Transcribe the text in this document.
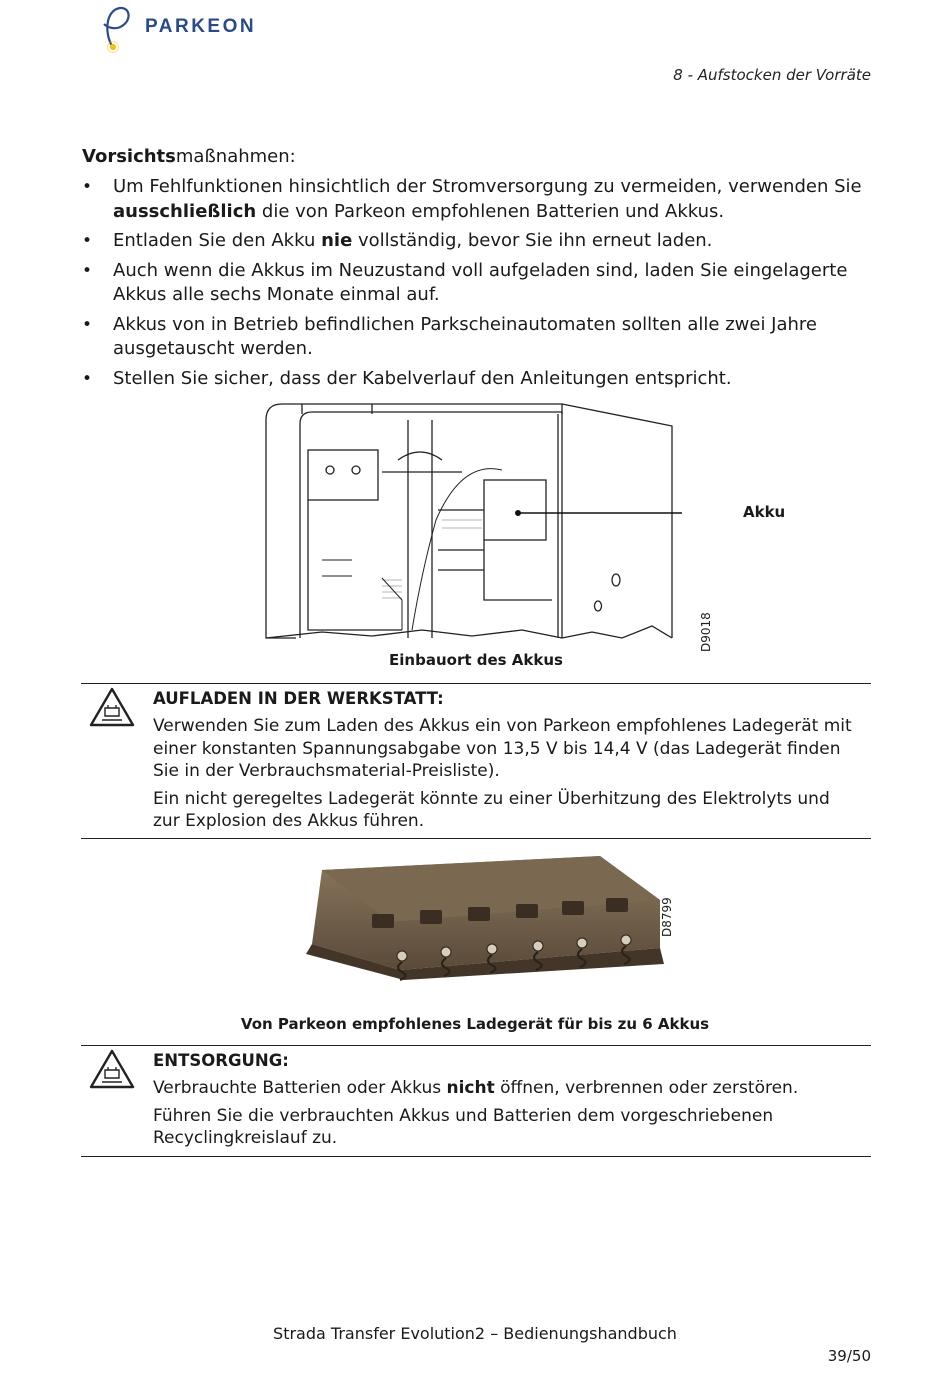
PARKEON
8 - Aufstocken der Vorräte
Vorsichtsmaßnahmen:
• Um Fehlfunktionen hinsichtlich der Stromversorgung zu vermeiden, verwenden Sie ausschließlich die von Parkeon empfohlenen Batterien und Akkus.
• Entladen Sie den Akku nie vollständig, bevor Sie ihn erneut laden.
• Auch wenn die Akkus im Neuzustand voll aufgeladen sind, laden Sie eingelagerte Akkus alle sechs Monate einmal auf.
• Akkus von in Betrieb befindlichen Parkscheinautomaten sollten alle zwei Jahre ausgetauscht werden.
• Stellen Sie sicher, dass der Kabelverlauf den Anleitungen entspricht.
Akku
D9018
Einbauort des Akkus
AUFLADEN IN DER WERKSTATT:

Verwenden Sie zum Laden des Akkus ein von Parkeon empfohlenes Ladegerät mit einer konstanten Spannungsabgabe von 13,5 V bis 14,4 V (das Ladegerät finden Sie in der Verbrauchsmaterial-Preisliste).

Ein nicht geregeltes Ladegerät könnte zu einer Überhitzung des Elektrolyts und zur Explosion des Akkus führen.

D8799
Von Parkeon empfohlenes Ladegerät für bis zu 6 Akkus
ENTSORGUNG:

Verbrauchte Batterien oder Akkus nicht öffnen, verbrennen oder zerstören.

Führen Sie die verbrauchten Akkus und Batterien dem vorgeschriebenen Recyclingkreislauf zu.

Strada Transfer Evolution2 – Bedienungshandbuch
39/50
